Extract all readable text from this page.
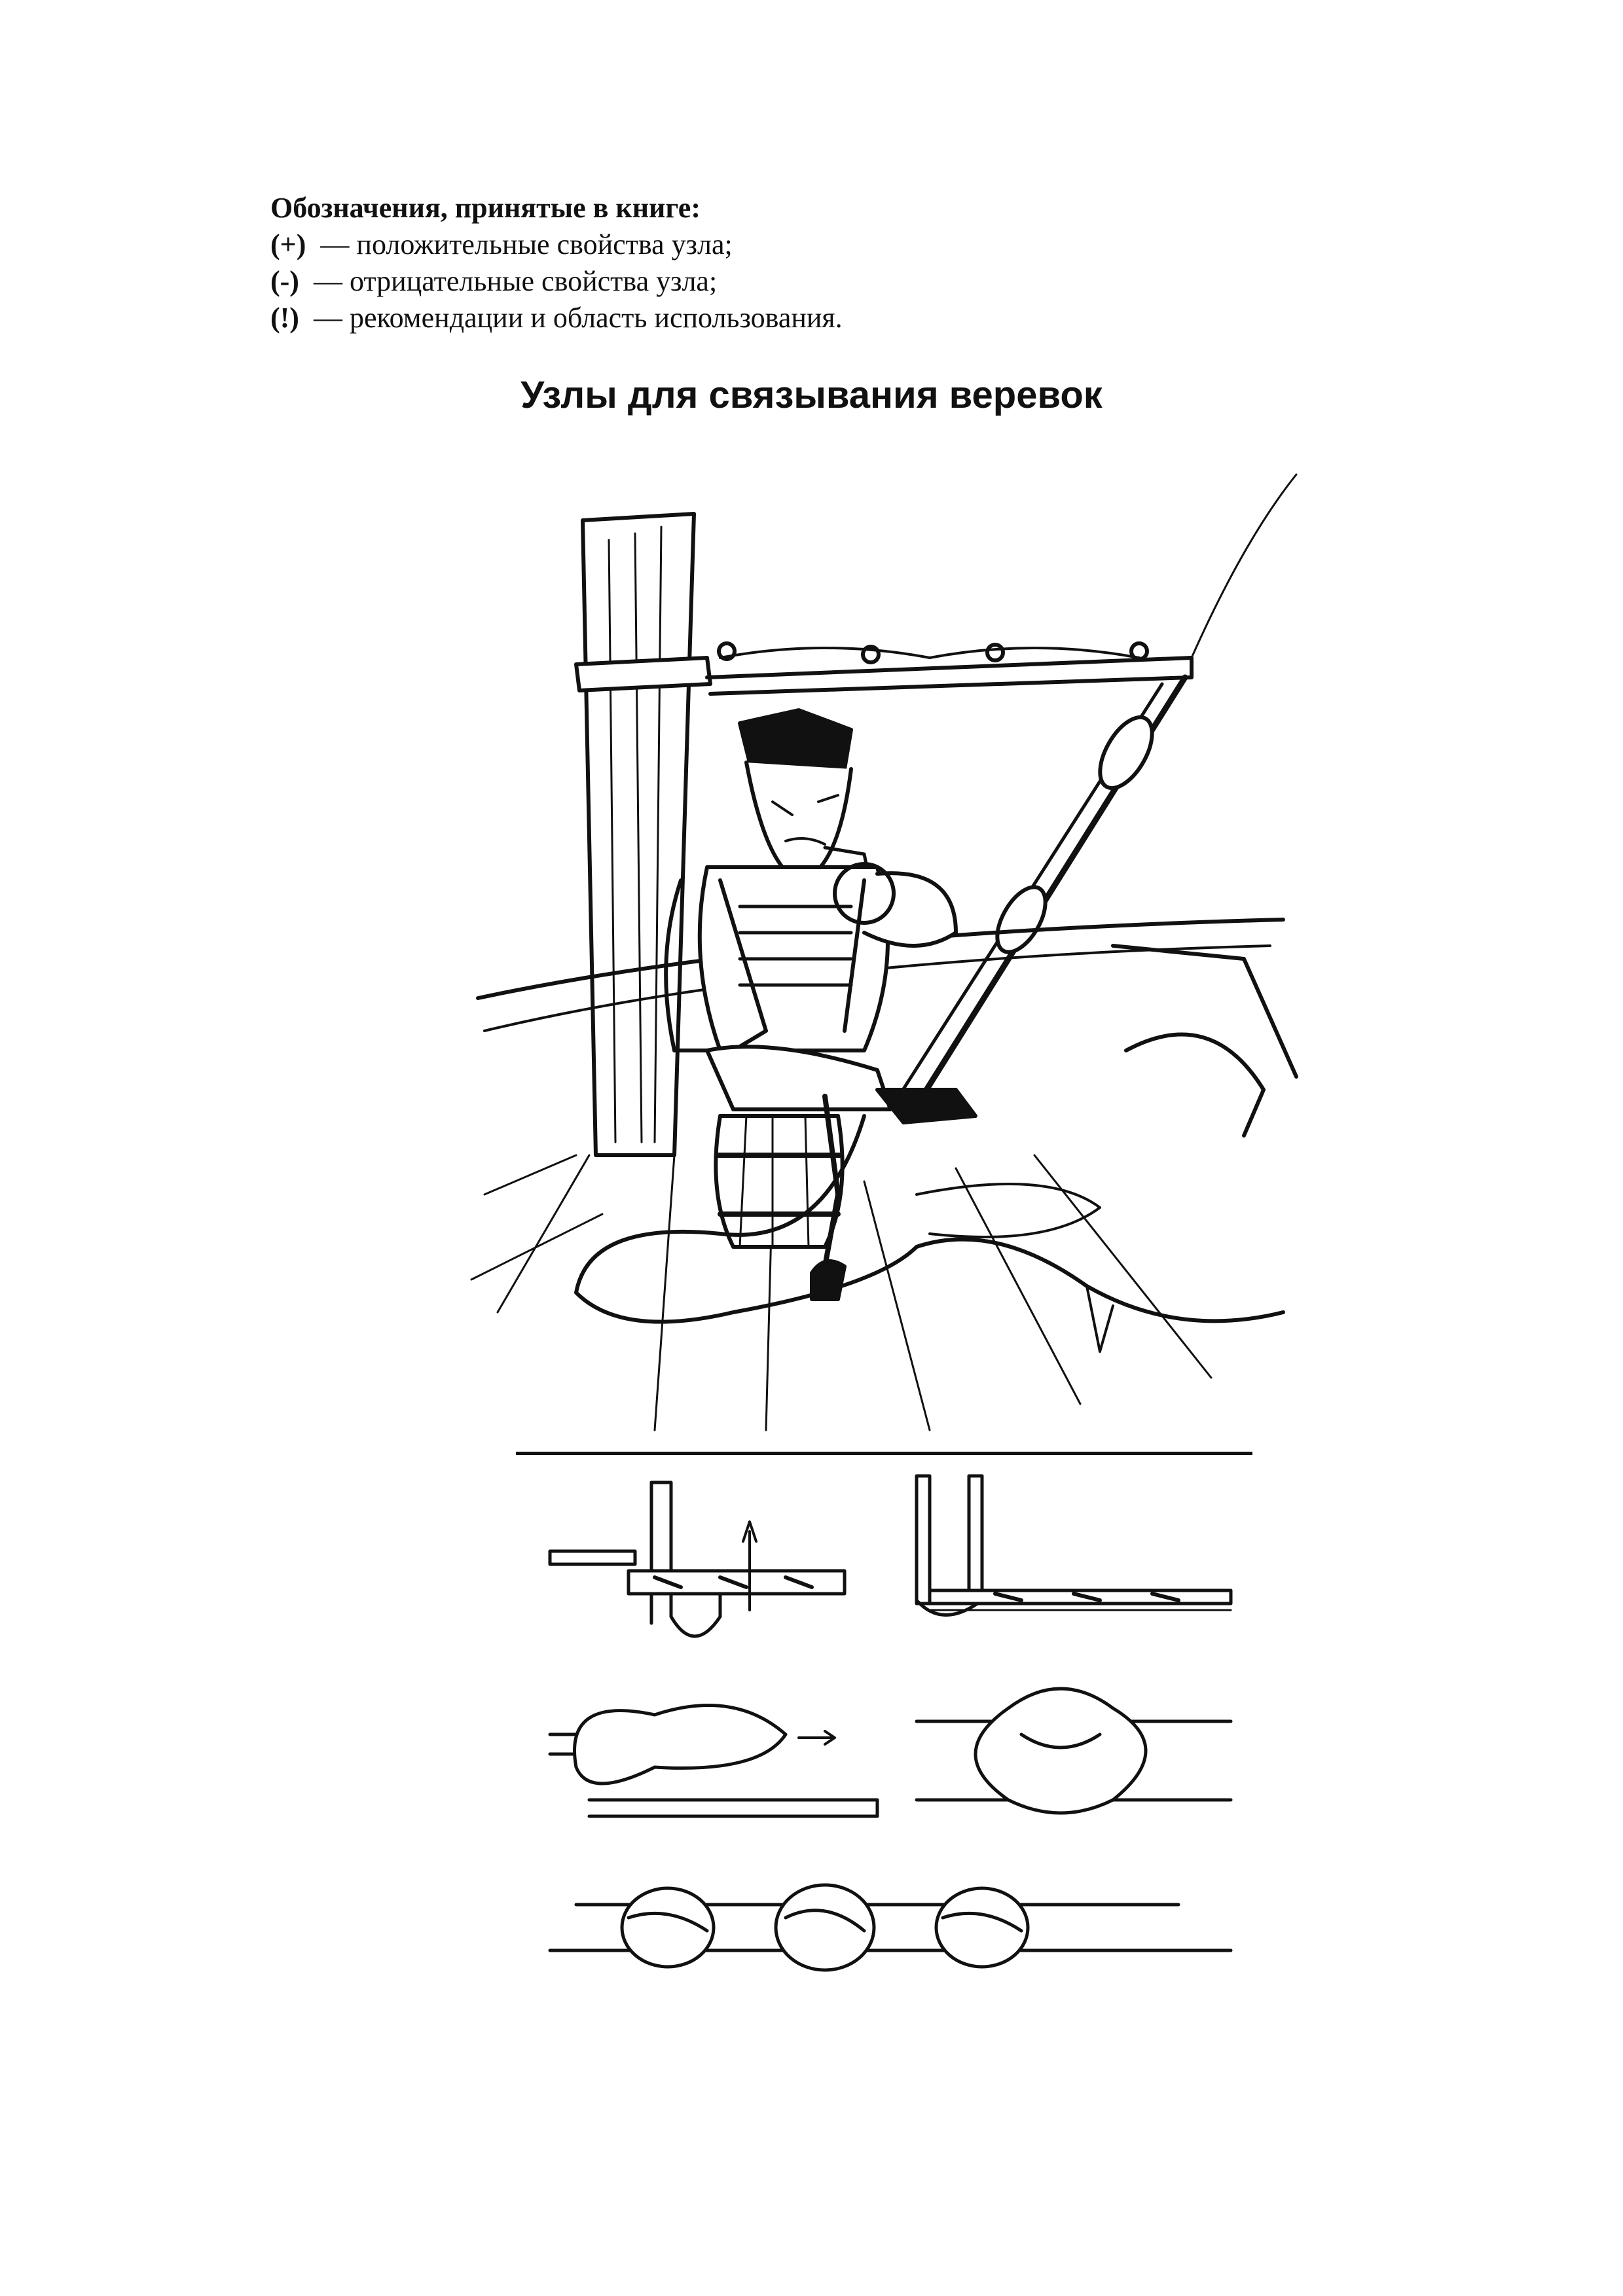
Обозначения, принятые в книге:
(+) — положительные свойства узла;
(-) — отрицательные свойства узла;
(!) — рекомендации и область использования.
Узлы для связывания веревок
